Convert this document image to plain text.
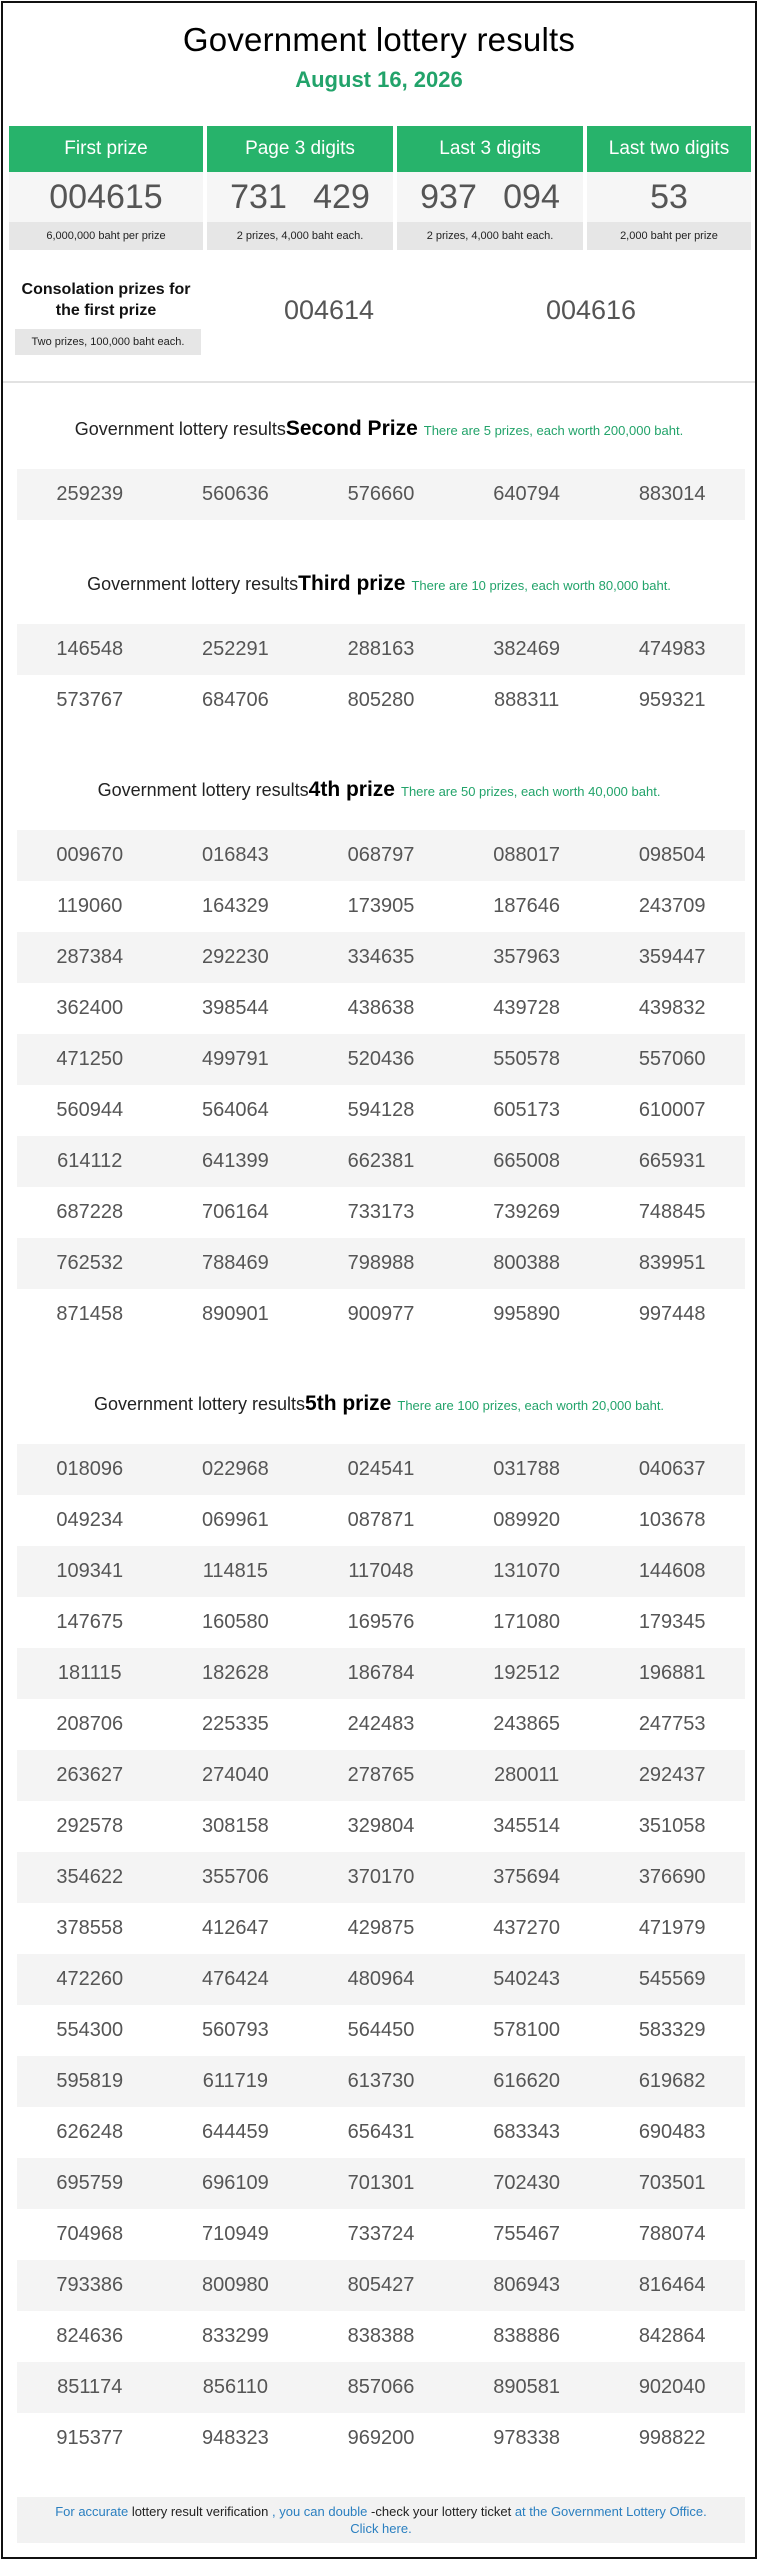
Government lottery results
August 16, 2026
First prize
004615
6,000,000 baht per prize
Page 3 digits
731 429
2 prizes, 4,000 baht each.
Last 3 digits
937 094
2 prizes, 4,000 baht each.
Last two digits
53
2,000 baht per prize
Consolation prizes for the first prize
Two prizes, 100,000 baht each.
004614	004616
Government lottery results Second Prize There are 5 prizes, each worth 200,000 baht.
259239	560636	576660	640794	883014
Government lottery results Third prize There are 10 prizes, each worth 80,000 baht.
146548	252291	288163	382469	474983
573767	684706	805280	888311	959321
Government lottery results 4th prize There are 50 prizes, each worth 40,000 baht.
009670	016843	068797	088017	098504
119060	164329	173905	187646	243709
287384	292230	334635	357963	359447
362400	398544	438638	439728	439832
471250	499791	520436	550578	557060
560944	564064	594128	605173	610007
614112	641399	662381	665008	665931
687228	706164	733173	739269	748845
762532	788469	798988	800388	839951
871458	890901	900977	995890	997448
Government lottery results 5th prize There are 100 prizes, each worth 20,000 baht.
018096	022968	024541	031788	040637
049234	069961	087871	089920	103678
109341	114815	117048	131070	144608
147675	160580	169576	171080	179345
181115	182628	186784	192512	196881
208706	225335	242483	243865	247753
263627	274040	278765	280011	292437
292578	308158	329804	345514	351058
354622	355706	370170	375694	376690
378558	412647	429875	437270	471979
472260	476424	480964	540243	545569
554300	560793	564450	578100	583329
595819	611719	613730	616620	619682
626248	644459	656431	683343	690483
695759	696109	701301	702430	703501
704968	710949	733724	755467	788074
793386	800980	805427	806943	816464
824636	833299	838388	838886	842864
851174	856110	857066	890581	902040
915377	948323	969200	978338	998822
For accurate lottery result verification , you can double -check your lottery ticket at the Government Lottery Office.
Click here.
